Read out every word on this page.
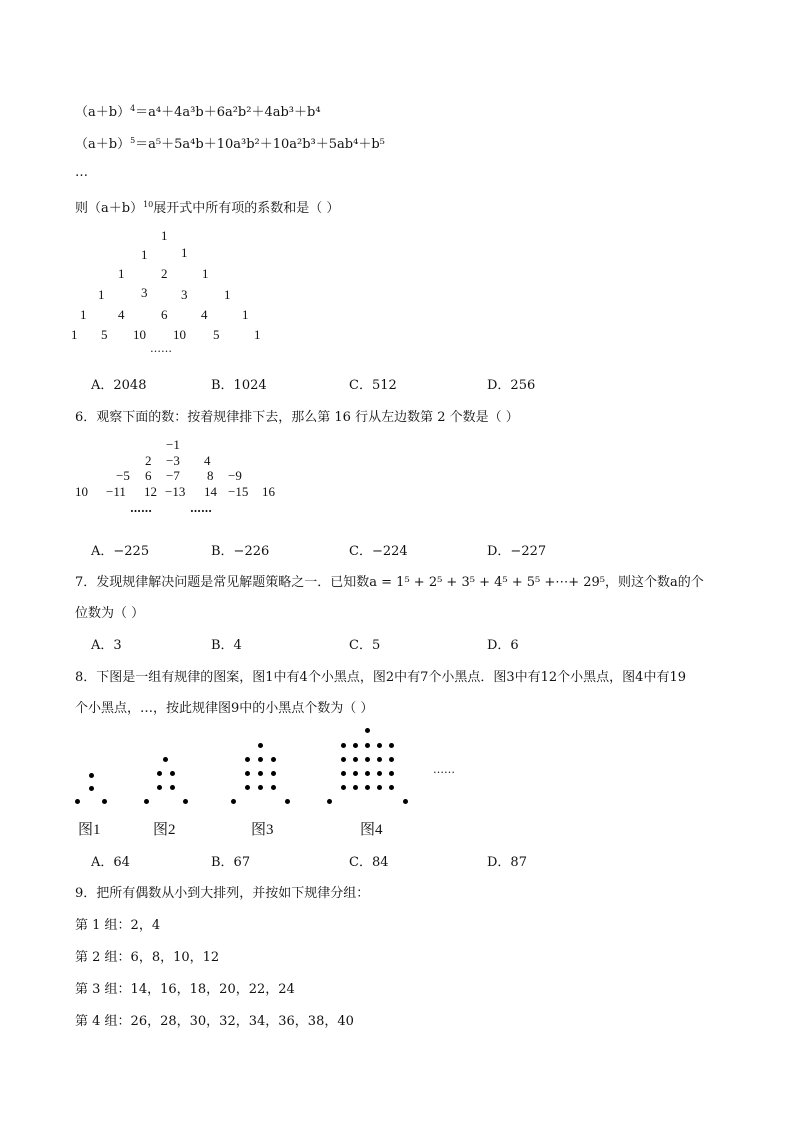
$(a+b)^4=a^4+4a^3b+6a^2b^2+4ab^3+b^4$
$(a+b)^5=a^5+5a^4b+10a^3b^2+10a^2b^3+5ab^4+b^5$
…
则$(a+b)^{10}$展开式中所有项的系数和是（ ）
1
1	1
1	2	1
1	3	3	1
1 4	6	4	1
1 5 10 10 5	1
……
A．2048	B．1024	C．512	D．256
6．观察下面的数：按着规律排下去，那么第 16 行从左边数第 2 个数是（ ）
−1
2 −3 4
−5 6 −7 8 −9
10 −11 12 −13 14 −15 16
……	……
A．−225	B．−226	C．−224	D．−227
7．发现规律解决问题是常见解题策略之一．已知数a = 1⁵ + 2⁵ + 3⁵ + 4⁵ + 5⁵ +⋯+ 29⁵，则这个数a的个
位数为（ ）
A．3	B．4	C．5	D．6
8．下图是一组有规律的图案，图1中有4个小黑点，图2中有7个小黑点．图3中有12个小黑点，图4中有19
个小黑点，…，按此规律图9中的小黑点个数为（ ）
……
图1	图2	图3	图4
A．64	B．67	C．84	D．87
9．把所有偶数从小到大排列，并按如下规律分组：
第 1 组：2，4
第 2 组：6，8，10，12
第 3 组：14，16，18，20，22，24
第 4 组：26，28，30，32，34，36，38，40
